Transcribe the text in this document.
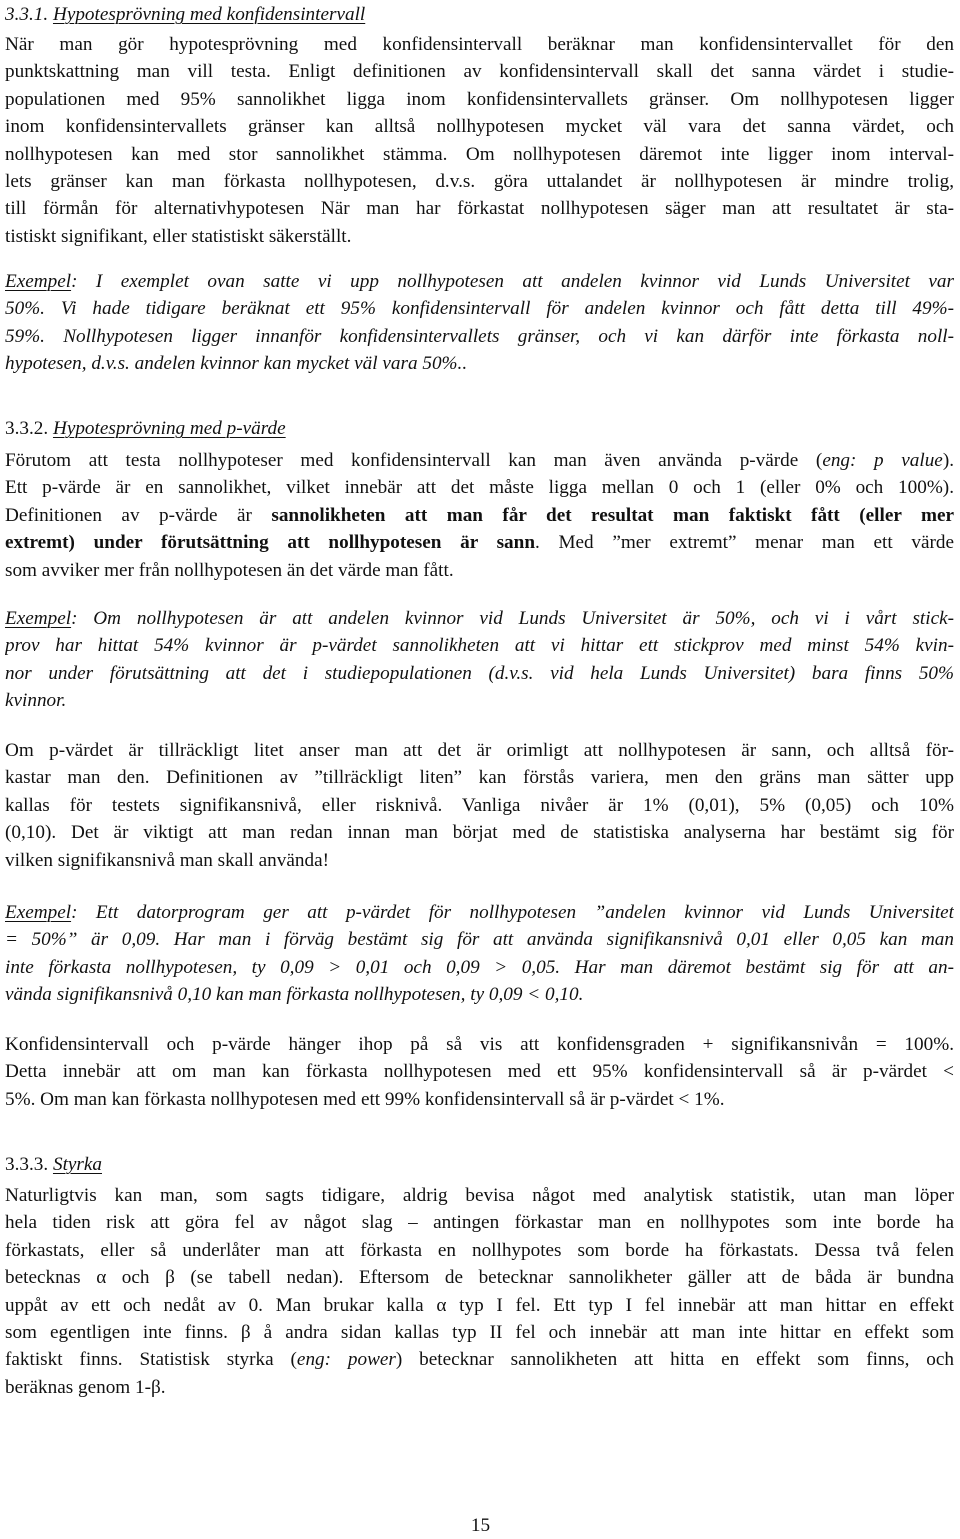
3.3.1. Hypotesprövning med konfidensintervall
När man gör hypotesprövning med konfidensintervall beräknar man konfidensintervallet för den
punktskattning man vill testa. Enligt definitionen av konfidensintervall skall det sanna värdet i studie-
populationen med 95% sannolikhet ligga inom konfidensintervallets gränser. Om nollhypotesen ligger
inom konfidensintervallets gränser kan alltså nollhypotesen mycket väl vara det sanna värdet, och
nollhypotesen kan med stor sannolikhet stämma. Om nollhypotesen däremot inte ligger inom interval-
lets gränser kan man förkasta nollhypotesen, d.v.s. göra uttalandet är nollhypotesen är mindre trolig,
till förmån för alternativhypotesen När man har förkastat nollhypotesen säger man att resultatet är sta-
tistiskt signifikant, eller statistiskt säkerställt.
Exempel: I exemplet ovan satte vi upp nollhypotesen att andelen kvinnor vid Lunds Universitet var
50%. Vi hade tidigare beräknat ett 95% konfidensintervall för andelen kvinnor och fått detta till 49%-
59%. Nollhypotesen ligger innanför konfidensintervallets gränser, och vi kan därför inte förkasta noll-
hypotesen, d.v.s. andelen kvinnor kan mycket väl vara 50%..
3.3.2. Hypotesprövning med p-värde
Förutom att testa nollhypoteser med konfidensintervall kan man även använda p-värde (eng: p value).
Ett p-värde är en sannolikhet, vilket innebär att det måste ligga mellan 0 och 1 (eller 0% och 100%).
Definitionen av p-värde är sannolikheten att man får det resultat man faktiskt fått (eller mer
extremt) under förutsättning att nollhypotesen är sann. Med ”mer extremt” menar man ett värde
som avviker mer från nollhypotesen än det värde man fått.
Exempel: Om nollhypotesen är att andelen kvinnor vid Lunds Universitet är 50%, och vi i vårt stick-
prov har hittat 54% kvinnor är p-värdet sannolikheten att vi hittar ett stickprov med minst 54% kvin-
nor under förutsättning att det i studiepopulationen (d.v.s. vid hela Lunds Universitet) bara finns 50%
kvinnor.
Om p-värdet är tillräckligt litet anser man att det är orimligt att nollhypotesen är sann, och alltså för-
kastar man den. Definitionen av ”tillräckligt liten” kan förstås variera, men den gräns man sätter upp
kallas för testets signifikansnivå, eller risknivå. Vanliga nivåer är 1% (0,01), 5% (0,05) och 10%
(0,10). Det är viktigt att man redan innan man börjat med de statistiska analyserna har bestämt sig för
vilken signifikansnivå man skall använda!
Exempel: Ett datorprogram ger att p-värdet för nollhypotesen ”andelen kvinnor vid Lunds Universitet
= 50%” är 0,09. Har man i förväg bestämt sig för att använda signifikansnivå 0,01 eller 0,05 kan man
inte förkasta nollhypotesen, ty 0,09 > 0,01 och 0,09 > 0,05. Har man däremot bestämt sig för att an-
vända signifikansnivå 0,10 kan man förkasta nollhypotesen, ty 0,09 < 0,10.
Konfidensintervall och p-värde hänger ihop på så vis att konfidensgraden + signifikansnivån = 100%.
Detta innebär att om man kan förkasta nollhypotesen med ett 95% konfidensintervall så är p-värdet <
5%. Om man kan förkasta nollhypotesen med ett 99% konfidensintervall så är p-värdet < 1%.
3.3.3. Styrka
Naturligtvis kan man, som sagts tidigare, aldrig bevisa något med analytisk statistik, utan man löper
hela tiden risk att göra fel av något slag – antingen förkastar man en nollhypotes som inte borde ha
förkastats, eller så underlåter man att förkasta en nollhypotes som borde ha förkastats. Dessa två felen
betecknas α och β (se tabell nedan). Eftersom de betecknar sannolikheter gäller att de båda är bundna
uppåt av ett och nedåt av 0. Man brukar kalla α typ I fel. Ett typ I fel innebär att man hittar en effekt
som egentligen inte finns. β å andra sidan kallas typ II fel och innebär att man inte hittar en effekt som
faktiskt finns. Statistisk styrka (eng: power) betecknar sannolikheten att hitta en effekt som finns, och
beräknas genom 1-β.
15
